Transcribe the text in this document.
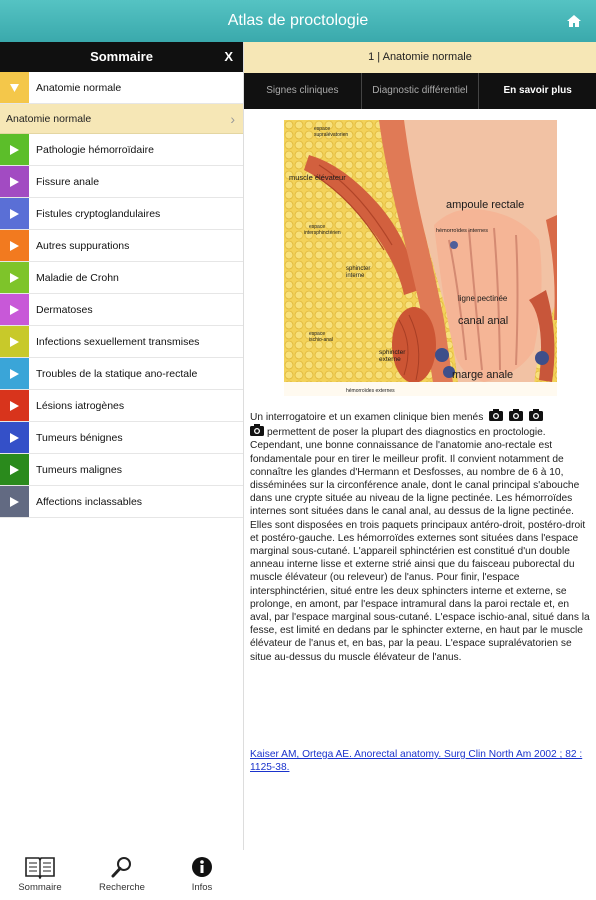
Atlas de proctologie
Sommaire	X
Anatomie normale
Anatomie normale	›
Pathologie hémorroïdaire
Fissure anale
Fistules cryptoglandulaires
Autres suppurations
Maladie de Crohn
Dermatoses
Infections sexuellement transmises
Troubles de la statique ano-rectale
Lésions iatrogènes
Tumeurs bénignes
Tumeurs malignes
Affections inclassables
1 | Anatomie normale
Signes cliniques	Diagnostic différentiel	En savoir plus
espace
supralévatorien
muscle élévateur
ampoule rectale
hémorroïdes internes
espace
intersphinctérien
sphincter
interne
ligne pectinée
canal anal
espace
ischio-anal
sphincter
externe
marge anale
hémorroïdes externes
Un interrogatoire et un examen clinique bien menés
permettent de poser la plupart des diagnostics en proctologie. Cependant, une bonne connaissance de l'anatomie ano-rectale est fondamentale pour en tirer le meilleur profit. Il convient notamment de connaître les glandes d'Hermann et Desfosses, au nombre de 6 à 10, disséminées sur la circonférence anale, dont le canal principal s'abouche dans une crypte située au niveau de la ligne pectinée. Les hémorroïdes internes sont situées dans le canal anal, au dessus de la ligne pectinée. Elles sont disposées en trois paquets principaux antéro-droit, postéro-droit et postéro-gauche. Les hémorroïdes externes sont situées dans l'espace marginal sous-cutané. L'appareil sphinctérien est constitué d'un double anneau interne lisse et externe strié ainsi que du faisceau puborectal du muscle élévateur (ou releveur) de l'anus. Pour finir, l'espace intersphinctérien, situé entre les deux sphincters interne et externe, se prolonge, en amont, par l'espace intramural dans la paroi rectale et, en aval, par l'espace marginal sous-cutané. L'espace ischio-anal, situé dans la fesse, est limité en dedans par le sphincter externe, en haut par le muscle élévateur de l'anus et, en bas, par la peau. L'espace supralévatorien se situe au-dessus du muscle élévateur de l'anus.
Kaiser AM, Ortega AE. Anorectal anatomy. Surg Clin North Am 2002 ; 82 : 1125-38.
Sommaire	Recherche	Infos
